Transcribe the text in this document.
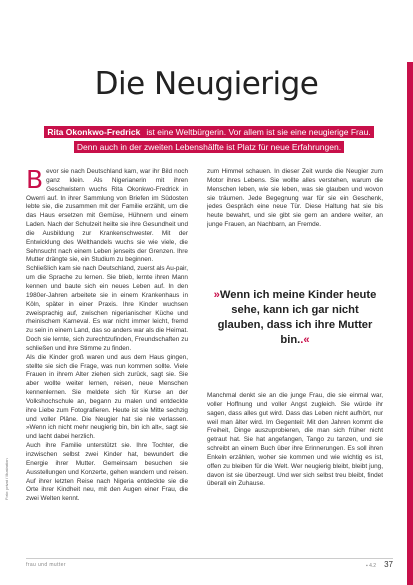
Die Neugierige
Rita Okonkwo-Fredrick ist eine Weltbürgerin. Vor allem ist sie eine neugierige Frau. Denn auch in der zweiten Lebenshälfte ist Platz für neue Erfahrungen.

Bevor sie nach Deutschland kam, war ihr Bild noch ganz klein. Als Nigerianerin mit ihren Geschwistern wuchs Rita Okonkwo-Fredrick in Owerri auf. In ihrer Sammlung von Briefen im Südosten lebte sie, die zusammen mit der Familie erzählt, um die das Haus ersetzen mit Gemüse, Hühnern und einem Laden. Nach der Schulzeit heilte sie ihre Gesundheit und die Ausbildung zur Krankenschwester. Mit der Entwicklung des Welthandels wuchs sie wie viele, die Sehnsucht nach einem Leben jenseits der Grenzen. Ihre Mutter drängte sie, ein Studium zu beginnen.

Schließlich kam sie nach Deutschland, zuerst als Au-pair, um die Sprache zu lernen. Sie blieb, lernte ihren Mann kennen und baute sich ein neues Leben auf. In den 1980er-Jahren arbeitete sie in einem Krankenhaus in Köln, später in einer Praxis. Ihre Kinder wuchsen zweisprachig auf, zwischen nigerianischer Küche und rheinischem Karneval. Es war nicht immer leicht, fremd zu sein in einem Land, das so anders war als die Heimat. Doch sie lernte, sich zurechtzufinden, Freundschaften zu schließen und ihre Stimme zu finden.

Als die Kinder groß waren und aus dem Haus gingen, stellte sie sich die Frage, was nun kommen sollte. Viele Frauen in ihrem Alter ziehen sich zurück, sagt sie. Sie aber wollte weiter lernen, reisen, neue Menschen kennenlernen. Sie meldete sich für Kurse an der Volkshochschule an, begann zu malen und entdeckte ihre Liebe zum Fotografieren. Heute ist sie Mitte sechzig und voller Pläne. Die Neugier hat sie nie verlassen. »Wenn ich nicht mehr neugierig bin, bin ich alt«, sagt sie und lacht dabei herzlich.

Auch ihre Familie unterstützt sie. Ihre Tochter, die inzwischen selbst zwei Kinder hat, bewundert die Energie ihrer Mutter. Gemeinsam besuchen sie Ausstellungen und Konzerte, gehen wandern und reisen. Auf ihrer letzten Reise nach Nigeria entdeckte sie die Orte ihrer Kindheit neu, mit den Augen einer Frau, die zwei Welten kennt.

zum Himmel schauen. In dieser Zeit wurde die Neugier zum Motor ihres Lebens. Sie wollte alles verstehen, warum die Menschen leben, wie sie leben, was sie glauben und wovon sie träumen. Jede Begegnung war für sie ein Geschenk, jedes Gespräch eine neue Tür. Diese Haltung hat sie bis heute bewahrt, und sie gibt sie gern an andere weiter, an junge Frauen, an Nachbarn, an Fremde.

Manchmal denkt sie an die junge Frau, die sie einmal war, voller Hoffnung und voller Angst zugleich. Sie würde ihr sagen, dass alles gut wird. Dass das Leben nicht aufhört, nur weil man älter wird. Im Gegenteil: Mit den Jahren kommt die Freiheit, Dinge auszuprobieren, die man sich früher nicht getraut hat. Sie hat angefangen, Tango zu tanzen, und sie schreibt an einem Buch über ihre Erinnerungen. Es soll ihren Enkeln erzählen, woher sie kommen und wie wichtig es ist, offen zu bleiben für die Welt. Wer neugierig bleibt, bleibt jung, davon ist sie überzeugt. Und wer sich selbst treu bleibt, findet überall ein Zuhause.

»Wenn ich meine Kinder heute sehe, kann ich gar nicht glauben, dass ich ihre Mutter bin..«
Foto: privat / Illustration
frau und mutter	▪ 4.2 37
